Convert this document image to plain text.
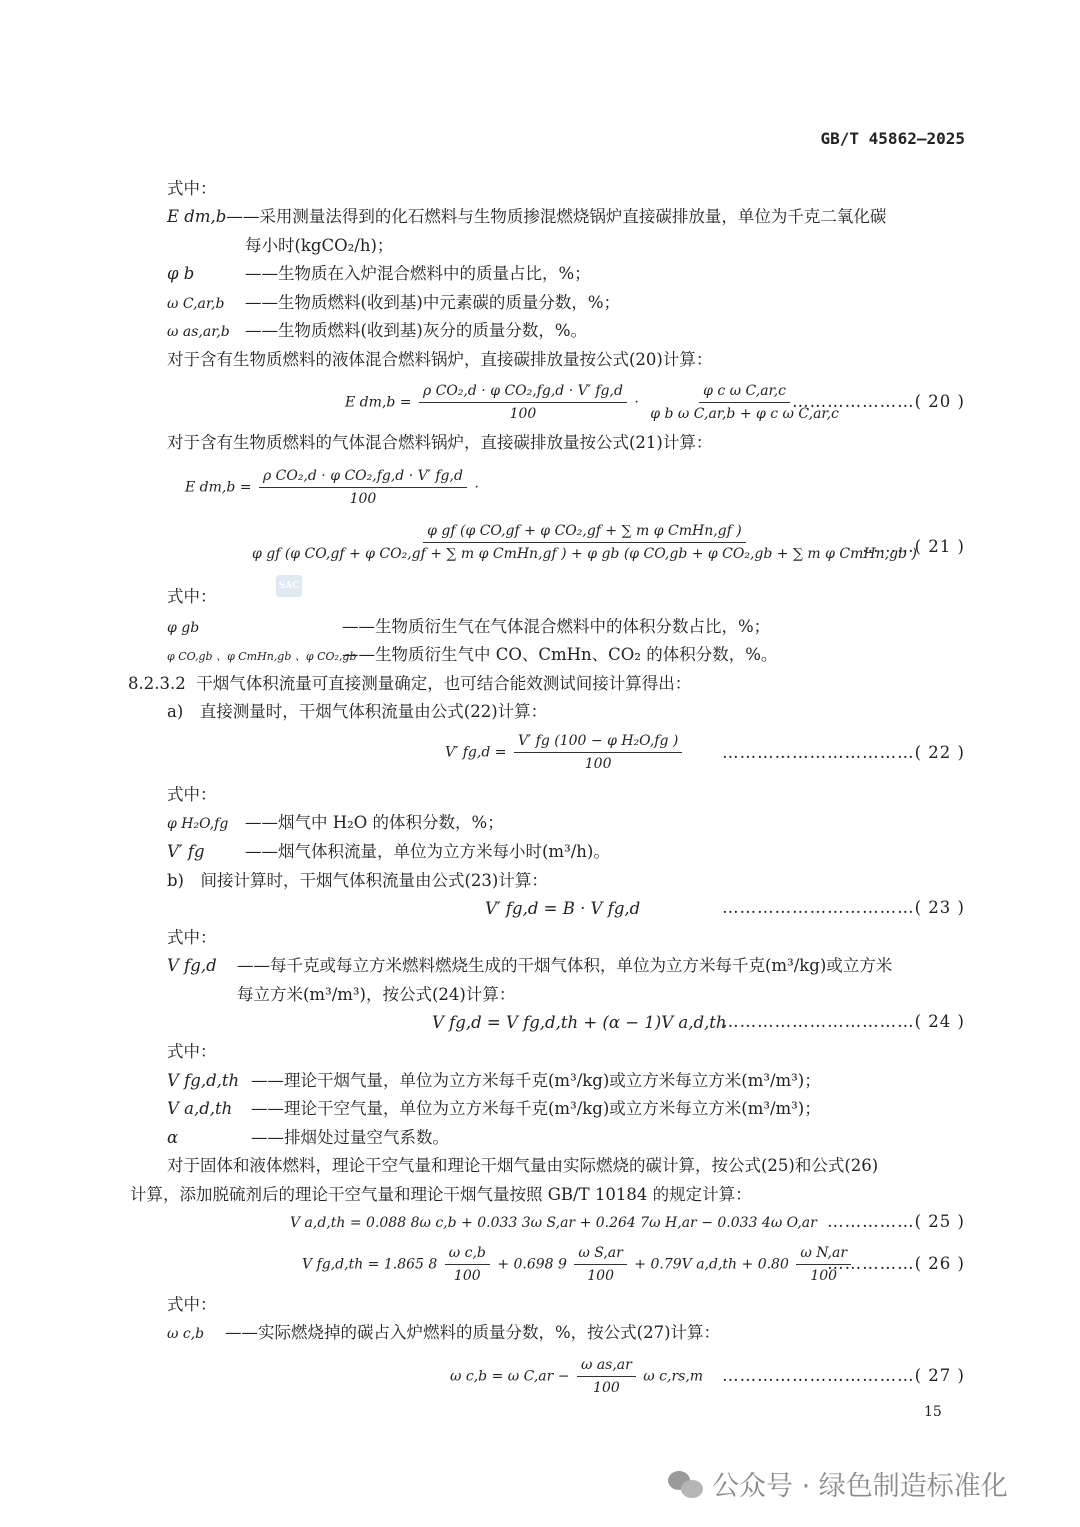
GB/T 45862—2025
式中：
E dm,b——采用测量法得到的化石燃料与生物质掺混燃烧锅炉直接碳排放量，单位为千克二氧化碳
每小时(kgCO₂/h)；
φ b	——生物质在入炉混合燃料中的质量占比，%；
ω C,ar,b ——生物质燃料(收到基)中元素碳的质量分数，%；
ω as,ar,b ——生物质燃料(收到基)灰分的质量分数，%。
对于含有生物质燃料的液体混合燃料锅炉，直接碳排放量按公式(20)计算：
E $dm,b = \frac{\text{ρ CO₂,d · φ CO₂,fg,d · V′ fg,d}}{100} \cdot \frac{\text{φ c ω C,ar,c}}{\text{φ b ω C,ar,b + φ c ω C,ar,c}}$
…………………( 20 )
对于含有生物质燃料的气体混合燃料锅炉，直接碳排放量按公式(21)计算：
E $dm,b = \frac{\text{ρ CO₂,d · φ CO₂,fg,d · V′ fg,d}}{100}$ ·
φ gf (φ CO,gf + φ CO₂,gf + ∑ m φ CmHn,gf )
φ gf (φ CO,gf + φ CO₂,gf + ∑ m φ CmHn,gf ) + φ gb (φ CO,gb + φ CO₂,gb + ∑ m φ CmHn,gb )
………( 21 )
SAC
式中：
φ gb	——生物质衍生气在气体混合燃料中的体积分数占比，%；
φ CO,gb 、φ CmHn,gb 、φ CO₂,gb——生物质衍生气中 CO、CmHn、CO₂ 的体积分数，%。
8.2.3.2 干烟气体积流量可直接测量确定，也可结合能效测试间接计算得出：
a)　直接测量时，干烟气体积流量由公式(22)计算：
V′ $fg,d = \frac{\text{V′ fg (100 − φ H₂O,fg )}}{100}$ ……………………………( 22 )
式中：
φ H₂O,fg ——烟气中 H₂O 的体积分数，%；
V′ fg ——烟气体积流量，单位为立方米每小时(m³/h)。
b)　间接计算时，干烟气体积流量由公式(23)计算：
V′ fg,d = B · V fg,d	……………………………( 23 )
式中：
V fg,d ——每千克或每立方米燃料燃烧生成的干烟气体积，单位为立方米每千克(m³/kg)或立方米
每立方米(m³/m³)，按公式(24)计算：
V fg,d = V fg,d,th + (α − 1)V a,d,th
……………………………( 24 )
式中：
V fg,d,th ——理论干烟气量，单位为立方米每千克(m³/kg)或立方米每立方米(m³/m³)；
V a,d,th ——理论干空气量，单位为立方米每千克(m³/kg)或立方米每立方米(m³/m³)；
α	——排烟处过量空气系数。
对于固体和液体燃料，理论干空气量和理论干烟气量由实际燃烧的碳计算，按公式(25)和公式(26)
计算，添加脱硫剂后的理论干空气量和理论干烟气量按照 GB/T 10184 的规定计算：
V a,d,th = 0.088 8ω c,b + 0.033 3ω S,ar + 0.264 7ω H,ar − 0.033 4ω O,ar ……………( 25 )
V fg,d,th = 1.865 $8 \frac{\text{ω c,b}}{100} + 0.698$ $9 \frac{\text{ω S,ar}}{100} + 0.79V$ $a,d,th + 0.80 \frac{\text{ω N,ar}}{100}$
……………( 26 )
式中：
ω c,b ——实际燃烧掉的碳占入炉燃料的质量分数，%，按公式(27)计算：
ω c,b = ω $C,ar - \frac{\text{ω as,ar}}{100}$ ω c,rs,m ……………………………( 27 )
15
公众号 · 绿色制造标准化
